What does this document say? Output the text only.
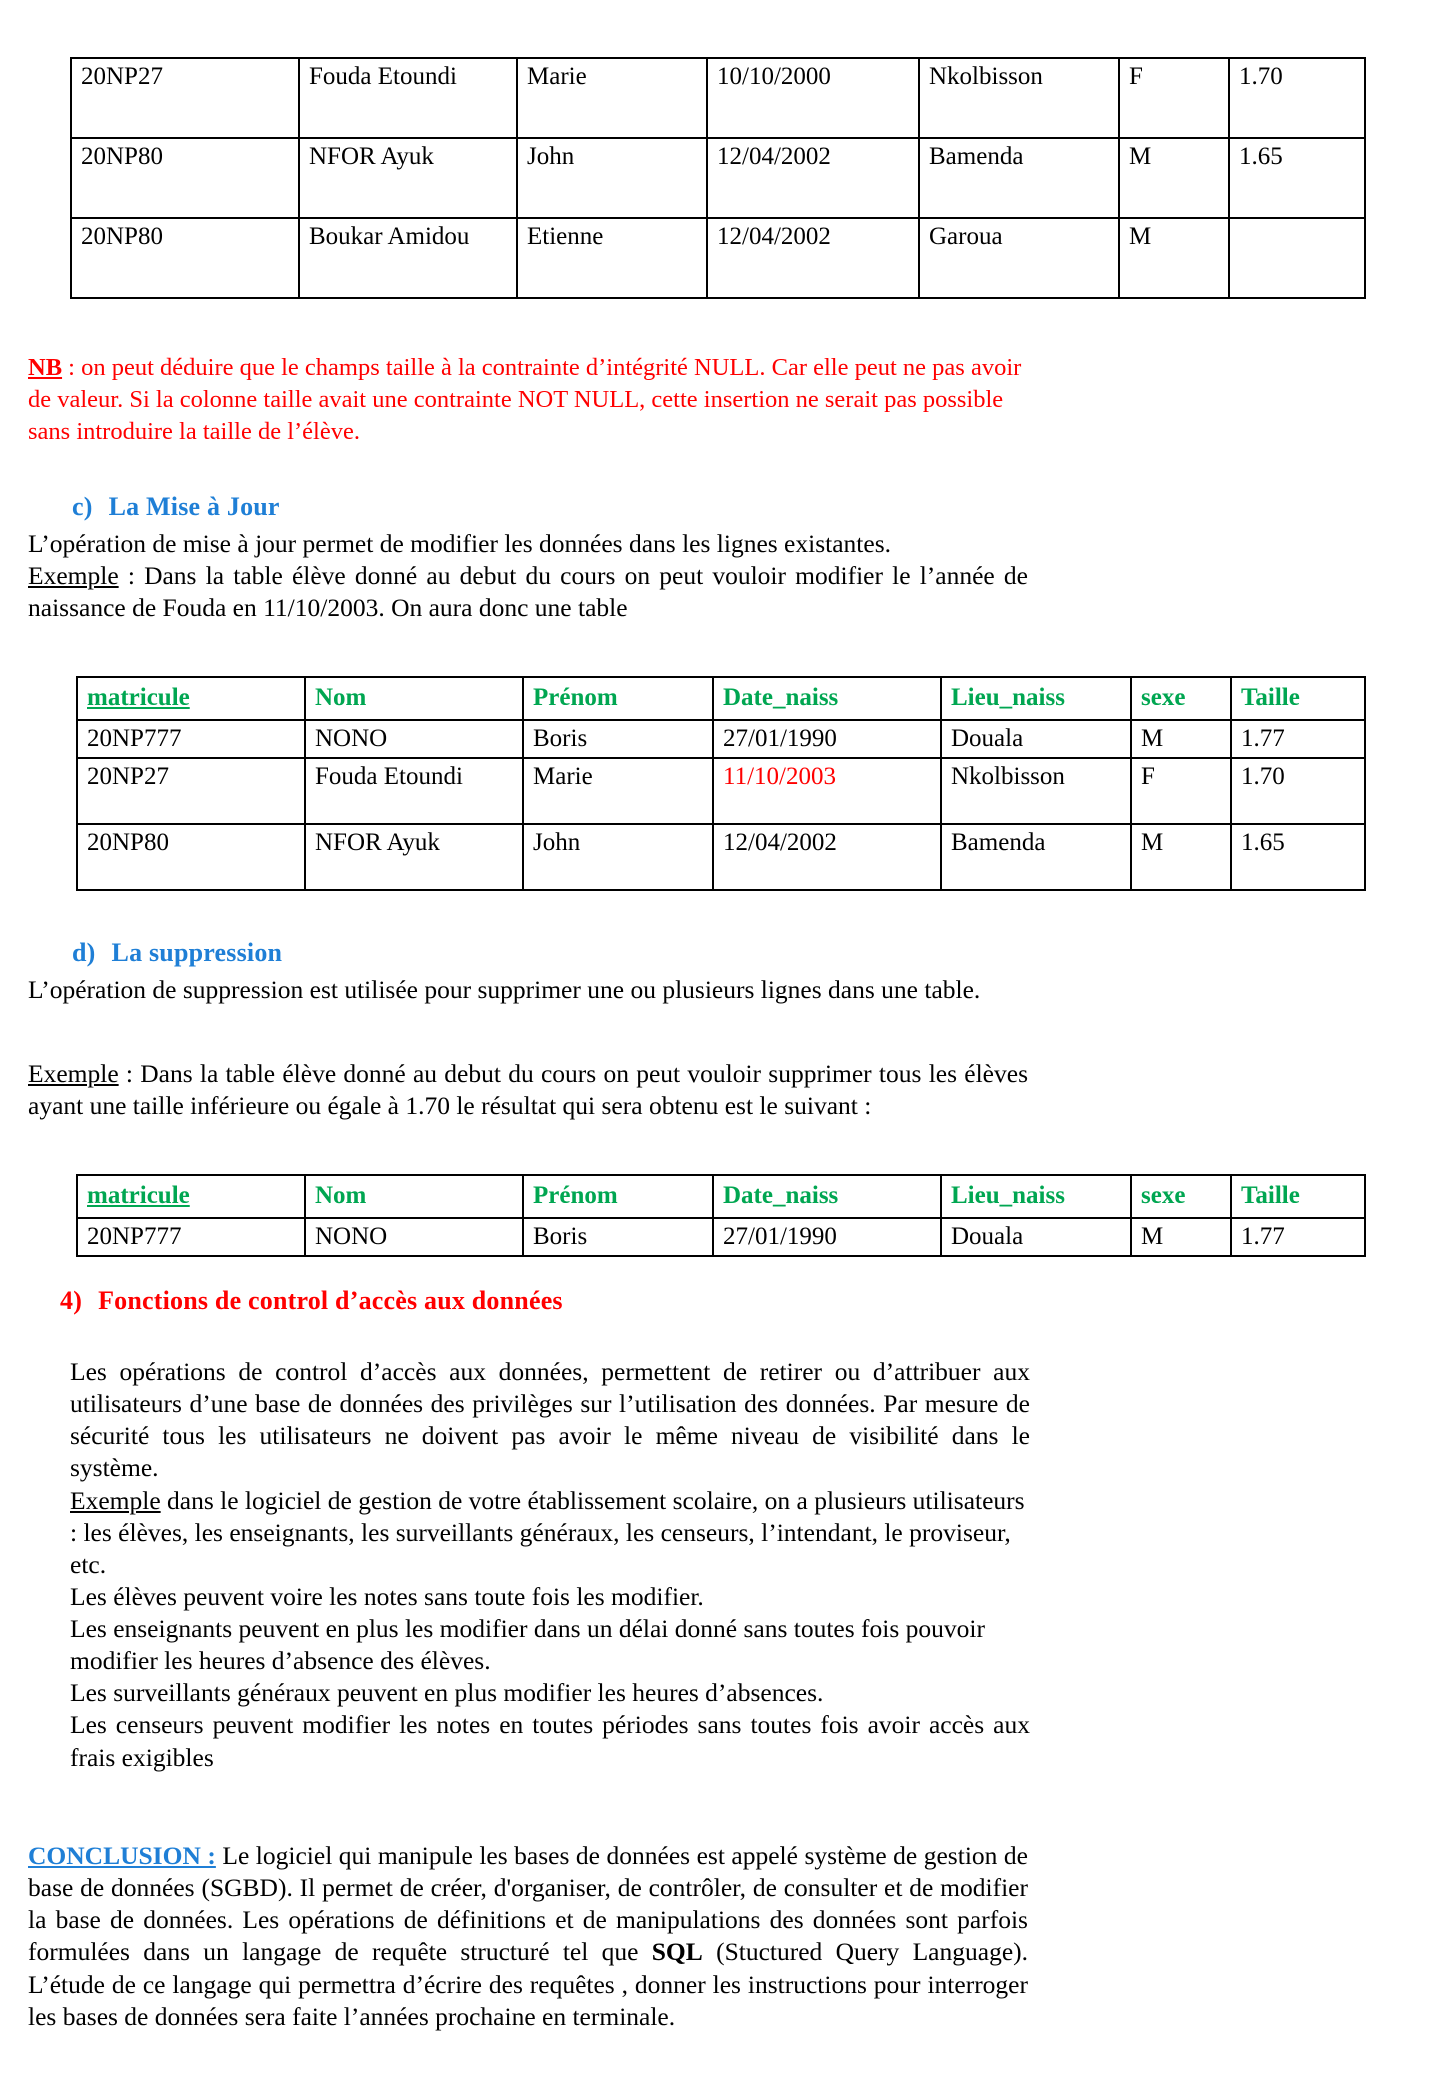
20NP27	Fouda Etoundi	Marie	10/10/2000	Nkolbisson	F	1.70
20NP80	NFOR Ayuk	John	12/04/2002	Bamenda	M	1.65
20NP80	Boukar Amidou	Etienne	12/04/2002	Garoua	M	
NB : on peut déduire que le champs taille à la contrainte d’intégrité NULL. Car elle peut ne pas avoir de valeur. Si la colonne taille avait une contrainte NOT NULL, cette insertion ne serait pas possible sans introduire la taille de l’élève.
c) La Mise à Jour
L’opération de mise à jour permet de modifier les données dans les lignes existantes.
Exemple : Dans la table élève donné au debut du cours on peut vouloir modifier le l’année de naissance de Fouda en 11/10/2003. On aura donc une table
matricule	Nom	Prénom	Date_naiss	Lieu_naiss	sexe	Taille
20NP777	NONO	Boris	27/01/1990	Douala	M	1.77
20NP27	Fouda Etoundi	Marie	11/10/2003	Nkolbisson	F	1.70
20NP80	NFOR Ayuk	John	12/04/2002	Bamenda	M	1.65
d) La suppression
L’opération de suppression est utilisée pour supprimer une ou plusieurs lignes dans une table.
Exemple : Dans la table élève donné au debut du cours on peut vouloir supprimer tous les élèves ayant une taille inférieure ou égale à 1.70 le résultat qui sera obtenu est le suivant :
matricule	Nom	Prénom	Date_naiss	Lieu_naiss	sexe	Taille
20NP777	NONO	Boris	27/01/1990	Douala	M	1.77
4) Fonctions de control d’accès aux données
Les opérations de control d’accès aux données, permettent de retirer ou d’attribuer aux utilisateurs d’une base de données des privilèges sur l’utilisation des données. Par mesure de sécurité tous les utilisateurs ne doivent pas avoir le même niveau de visibilité dans le système.
Exemple dans le logiciel de gestion de votre établissement scolaire, on a plusieurs utilisateurs : les élèves, les enseignants, les surveillants généraux, les censeurs, l’intendant, le proviseur, etc.
Les élèves peuvent voire les notes sans toute fois les modifier.
Les enseignants peuvent en plus les modifier dans un délai donné sans toutes fois pouvoir modifier les heures d’absence des élèves.
Les surveillants généraux peuvent en plus modifier les heures d’absences.
Les censeurs peuvent modifier les notes en toutes périodes sans toutes fois avoir accès aux frais exigibles
CONCLUSION : Le logiciel qui manipule les bases de données est appelé système de gestion de base de données (SGBD). Il permet de créer, d'organiser, de contrôler, de consulter et de modifier la base de données. Les opérations de définitions et de manipulations des données sont parfois formulées dans un langage de requête structuré tel que SQL (Stuctured Query Language). L’étude de ce langage qui permettra d’écrire des requêtes , donner les instructions pour interroger les bases de données sera faite l’années prochaine en terminale.
